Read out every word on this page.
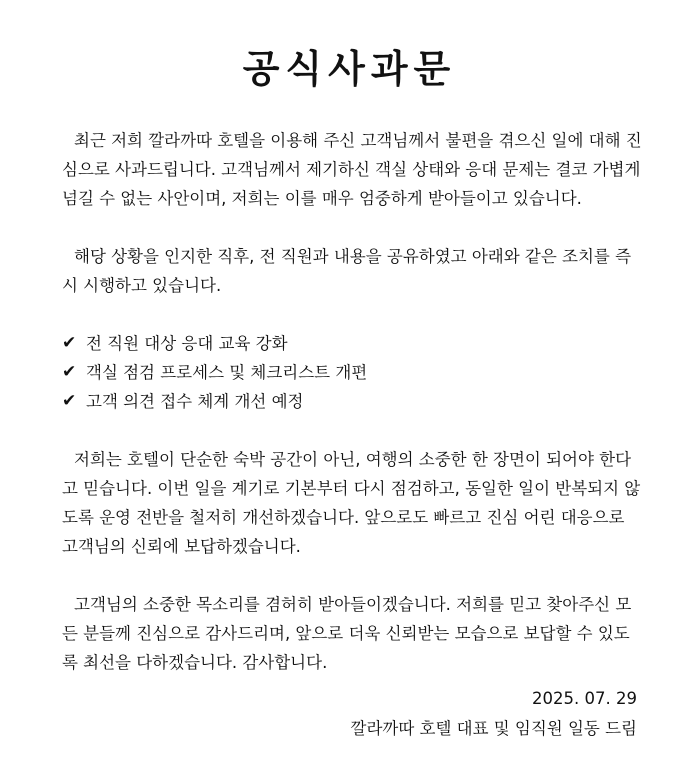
공식사과문

최근 저희 깔라까따 호텔을 이용해 주신 고객님께서 불편을 겪으신 일에 대해 진심으로 사과드립니다. 고객님께서 제기하신 객실 상태와 응대 문제는 결코 가볍게 넘길 수 없는 사안이며, 저희는 이를 매우 엄중하게 받아들이고 있습니다.

해당 상황을 인지한 직후, 전 직원과 내용을 공유하였고 아래와 같은 조치를 즉시 시행하고 있습니다.

✔ 전 직원 대상 응대 교육 강화
✔ 객실 점검 프로세스 및 체크리스트 개편
✔ 고객 의견 접수 체계 개선 예정

저희는 호텔이 단순한 숙박 공간이 아닌, 여행의 소중한 한 장면이 되어야 한다고 믿습니다. 이번 일을 계기로 기본부터 다시 점검하고, 동일한 일이 반복되지 않도록 운영 전반을 철저히 개선하겠습니다. 앞으로도 빠르고 진심 어린 대응으로 고객님의 신뢰에 보답하겠습니다.

고객님의 소중한 목소리를 겸허히 받아들이겠습니다. 저희를 믿고 찾아주신 모든 분들께 진심으로 감사드리며, 앞으로 더욱 신뢰받는 모습으로 보답할 수 있도록 최선을 다하겠습니다. 감사합니다.

2025. 07. 29
깔라까따 호텔 대표 및 임직원 일동 드림
